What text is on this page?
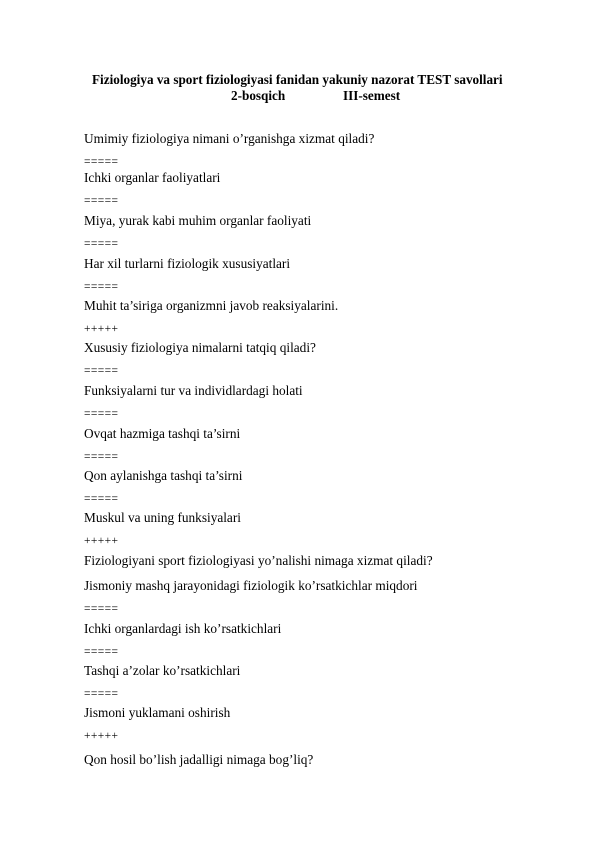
Fiziologiya va sport fiziologiyasi fanidan yakuniy nazorat TEST savollari
2-bosqich	III-semest
Umimiy fiziologiya nimani o’rganishga xizmat qiladi?
=====
Ichki organlar faoliyatlari
=====
Miya, yurak kabi muhim organlar faoliyati
=====
Har xil turlarni fiziologik xususiyatlari
=====
Muhit ta’siriga organizmni javob reaksiyalarini.
+++++
Xususiy fiziologiya nimalarni tatqiq qiladi?
=====
Funksiyalarni tur va individlardagi holati
=====
Ovqat hazmiga tashqi ta’sirni
=====
Qon aylanishga tashqi ta’sirni
=====
Muskul va uning funksiyalari
+++++
Fiziologiyani sport fiziologiyasi yo’nalishi nimaga xizmat qiladi?
Jismoniy mashq jarayonidagi fiziologik ko’rsatkichlar miqdori
=====
Ichki organlardagi ish ko’rsatkichlari
=====
Tashqi a’zolar ko’rsatkichlari
=====
Jismoni yuklamani oshirish
+++++
Qon hosil bo’lish jadalligi nimaga bog’liq?
